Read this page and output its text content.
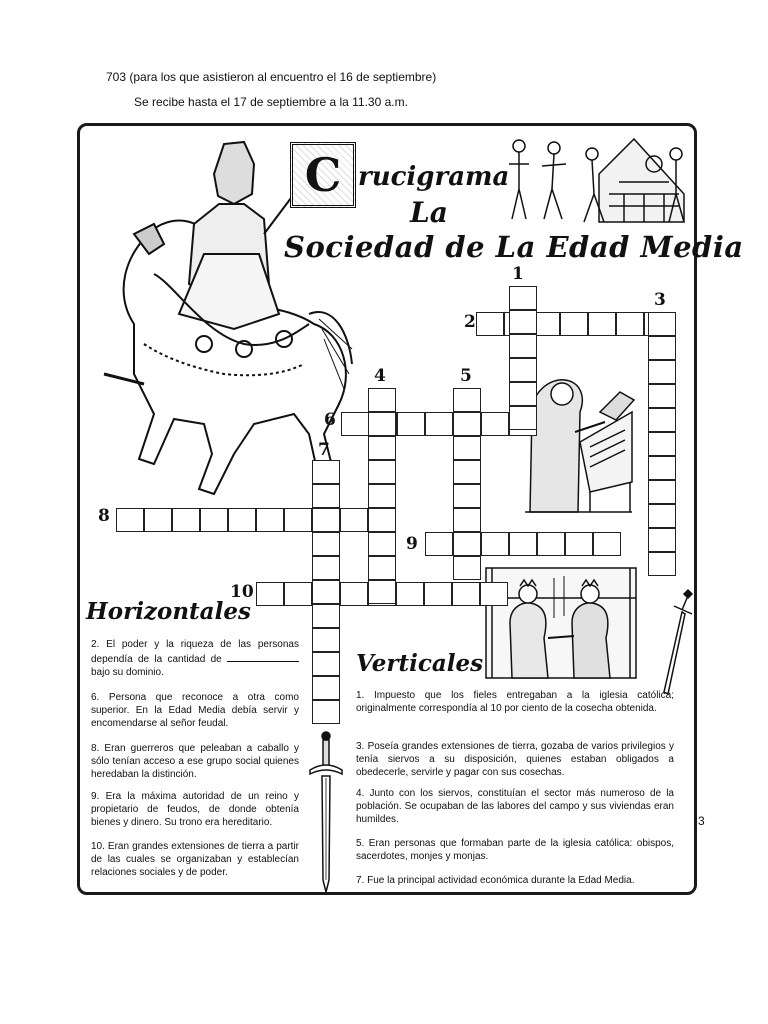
703 (para los que asistieron al encuentro el 16 de septiembre)
Se recibe hasta el 17 de septiembre a la 11.30 a.m.
3
C rucigrama
La
Sociedad de La Edad Media
1
2
3
4	5
6
7
8
9
10
Horizontales
2. El poder y la riqueza de las personas dependía de la cantidad de  bajo su dominio.
6. Persona que reconoce a otra como superior. En la Edad Media debía servir y encomendarse al señor feudal.
8. Eran guerreros que peleaban a caballo y sólo tenían acceso a ese grupo social quienes heredaban la distinción.
9. Era la máxima autoridad de un reino y propietario de feudos, de donde obtenía bienes y dinero. Su trono era hereditario.
10. Eran grandes extensiones de tierra a partir de las cuales se organizaban y establecían relaciones sociales y de poder.
Verticales
1. Impuesto que los fieles entregaban a la iglesia católica; originalmente correspondía al 10 por ciento de la cosecha obtenida.
3. Poseía grandes extensiones de tierra, gozaba de varios privilegios y tenía siervos a su disposición, quienes estaban obligados a obedecerle, servirle y pagar con sus cosechas.
4. Junto con los siervos, constituían el sector más numeroso de la población. Se ocupaban de las labores del campo y sus viviendas eran humildes.
5. Eran personas que formaban parte de la iglesia católica: obispos, sacerdotes, monjes y monjas.
7. Fue la principal actividad económica durante la Edad Media.
